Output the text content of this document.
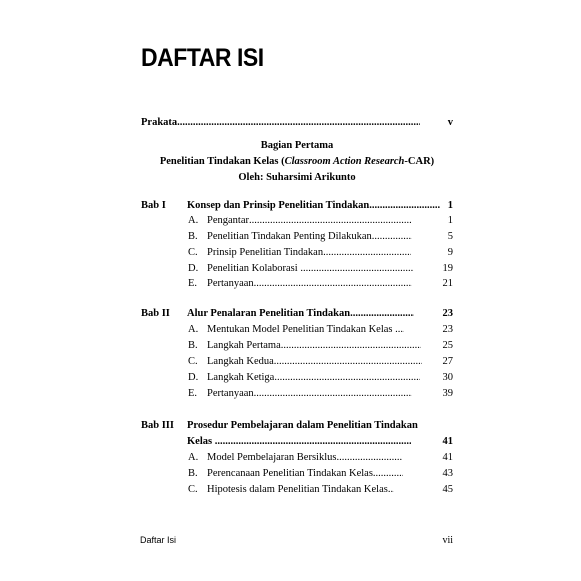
DAFTAR ISI
Prakata .....	v
Bagian Pertama
Penelitian Tindakan Kelas (Classroom Action Research-CAR)
Oleh: Suharsimi Arikunto
Bab I Konsep dan Prinsip Penelitian Tindakan .....	1
A. Pengantar .....	1
B. Penelitian Tindakan Penting Dilakukan .....	5
C. Prinsip Penelitian Tindakan .....	9
D. Penelitian Kolaborasi .....	19
E. Pertanyaan .....	21
Bab II Alur Penalaran Penelitian Tindakan .....	23
A. Mentukan Model Penelitian Tindakan Kelas .....	23
B. Langkah Pertama .....	25
C. Langkah Kedua .....	27
D. Langkah Ketiga .....	30
E. Pertanyaan .....	39
Bab III Prosedur Pembelajaran dalam Penelitian Tindakan
Kelas .....	41
A. Model Pembelajaran Bersiklus .....	41
B. Perencanaan Penelitian Tindakan Kelas .....	43
C. Hipotesis dalam Penelitian Tindakan Kelas .....	45
Daftar Isi	vii
